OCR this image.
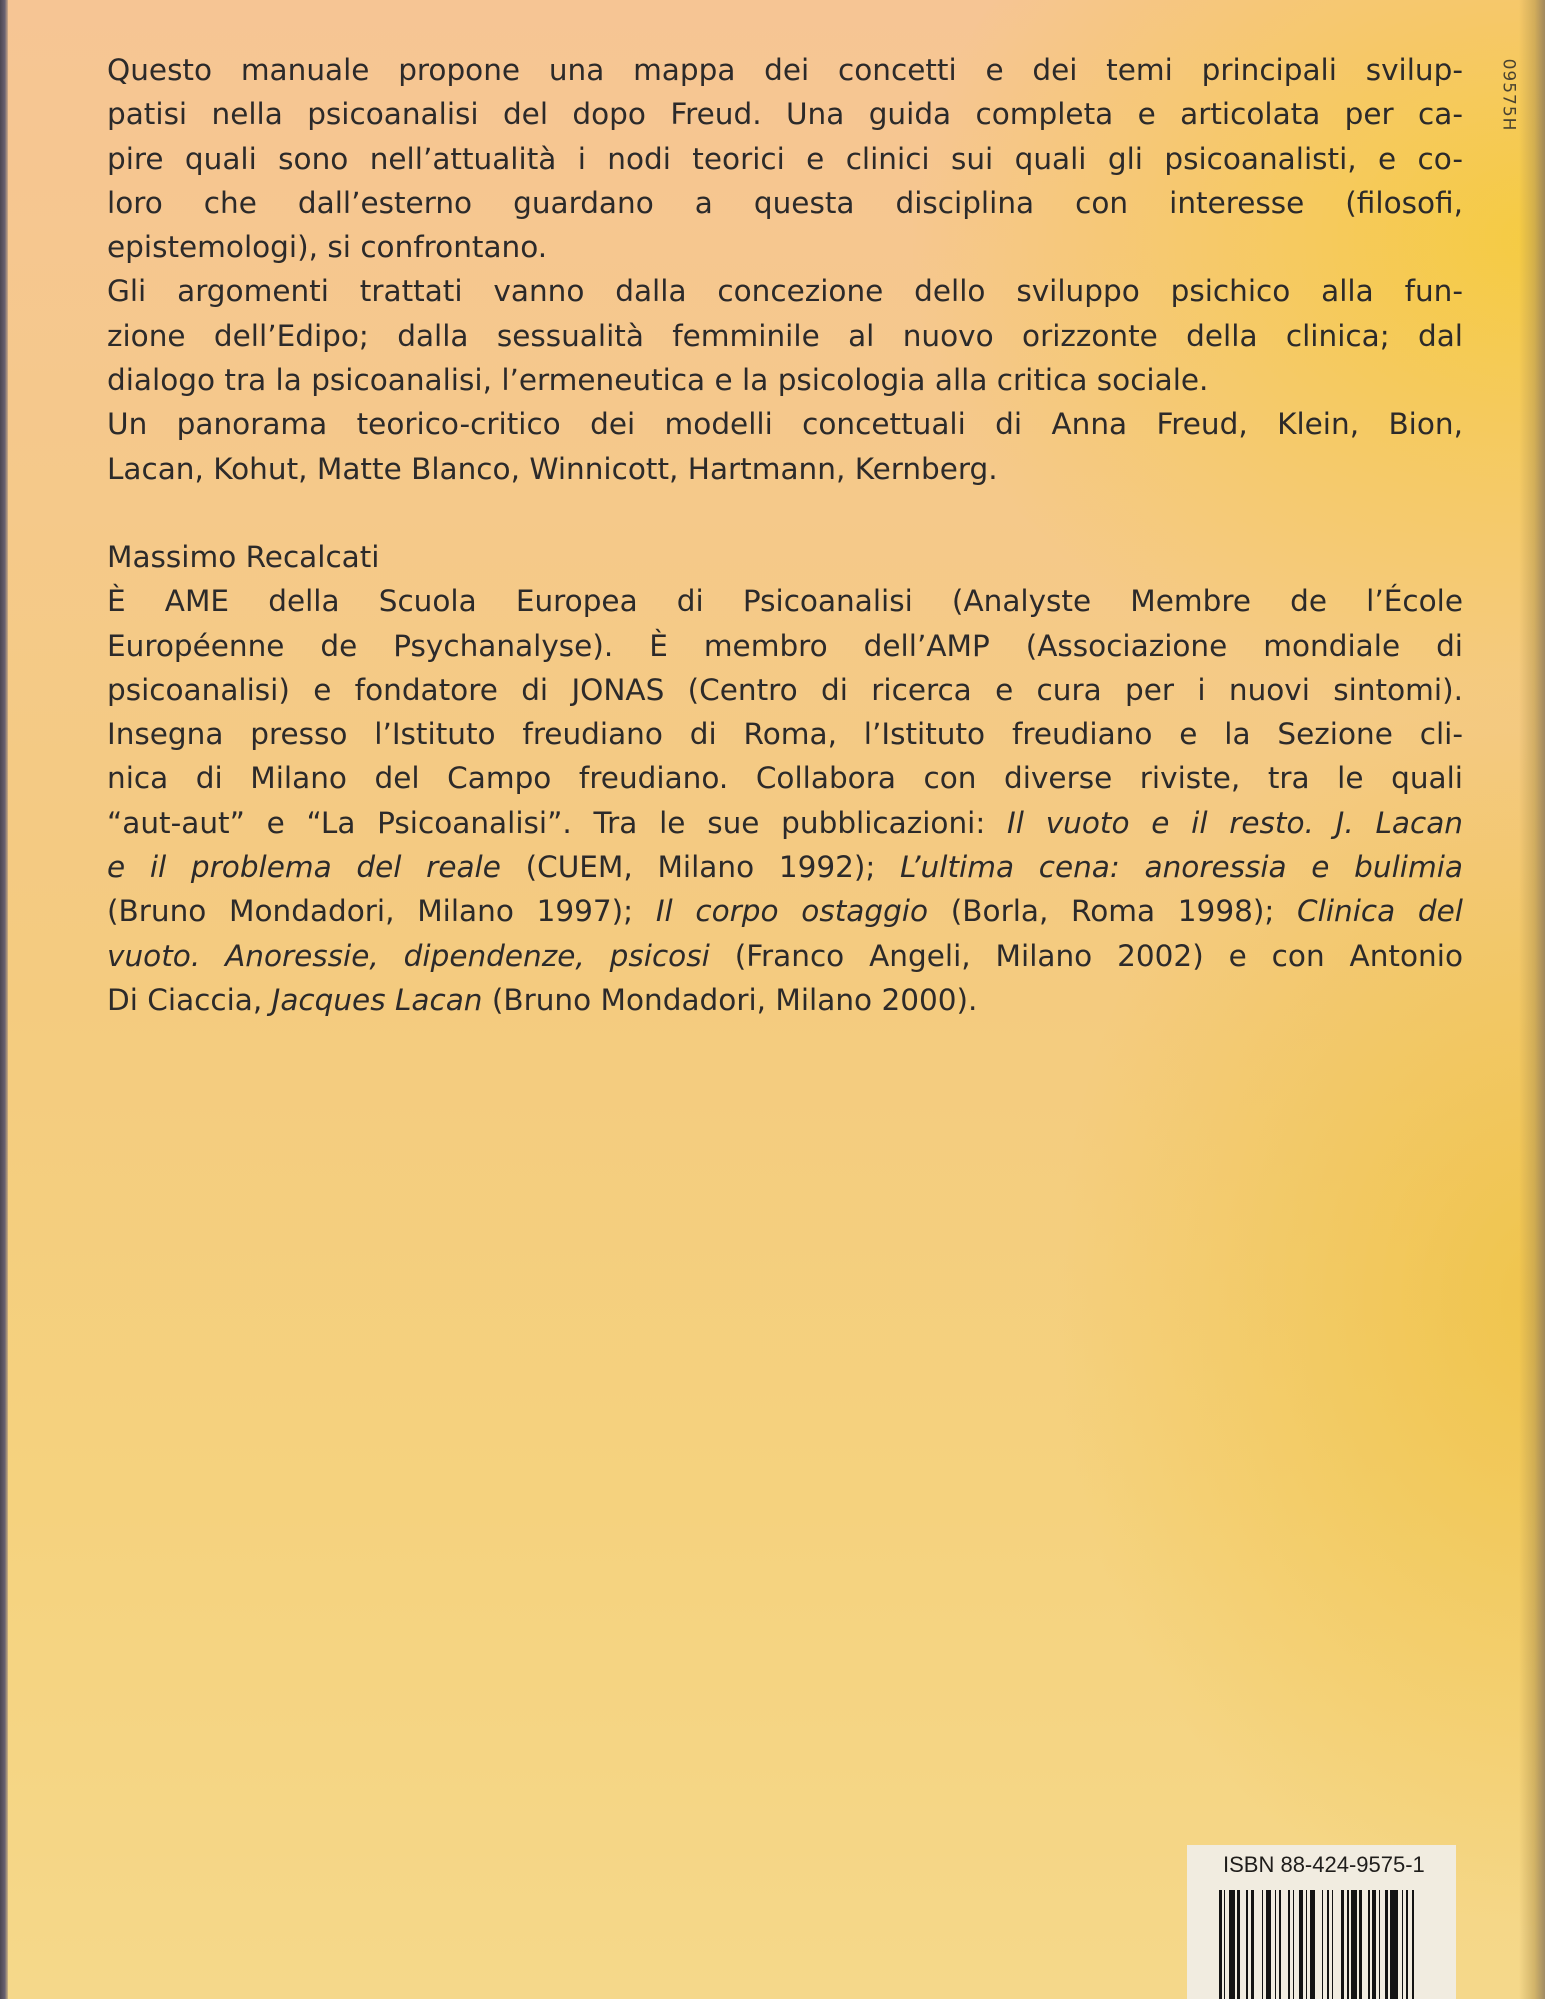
09575H
Questo manuale propone una mappa dei concetti e dei temi principali svilup-
patisi nella psicoanalisi del dopo Freud. Una guida completa e articolata per ca-
pire quali sono nell’attualità i nodi teorici e clinici sui quali gli psicoanalisti, e co-
loro che dall’esterno guardano a questa disciplina con interesse (filosofi,
epistemologi), si confrontano.
Gli argomenti trattati vanno dalla concezione dello sviluppo psichico alla fun-
zione dell’Edipo; dalla sessualità femminile al nuovo orizzonte della clinica; dal
dialogo tra la psicoanalisi, l’ermeneutica e la psicologia alla critica sociale.
Un panorama teorico-critico dei modelli concettuali di Anna Freud, Klein, Bion,
Lacan, Kohut, Matte Blanco, Winnicott, Hartmann, Kernberg.
Massimo Recalcati
È AME della Scuola Europea di Psicoanalisi (Analyste Membre de l’École
Européenne de Psychanalyse). È membro dell’AMP (Associazione mondiale di
psicoanalisi) e fondatore di JONAS (Centro di ricerca e cura per i nuovi sintomi).
Insegna presso l’Istituto freudiano di Roma, l’Istituto freudiano e la Sezione cli-
nica di Milano del Campo freudiano. Collabora con diverse riviste, tra le quali
“aut-aut” e “La Psicoanalisi”. Tra le sue pubblicazioni: Il vuoto e il resto. J. Lacan
e il problema del reale (CUEM, Milano 1992); L’ultima cena: anoressia e bulimia
(Bruno Mondadori, Milano 1997); Il corpo ostaggio (Borla, Roma 1998); Clinica del
vuoto. Anoressie, dipendenze, psicosi (Franco Angeli, Milano 2002) e con Antonio
Di Ciaccia, Jacques Lacan (Bruno Mondadori, Milano 2000).
ISBN 88-424-9575-1
